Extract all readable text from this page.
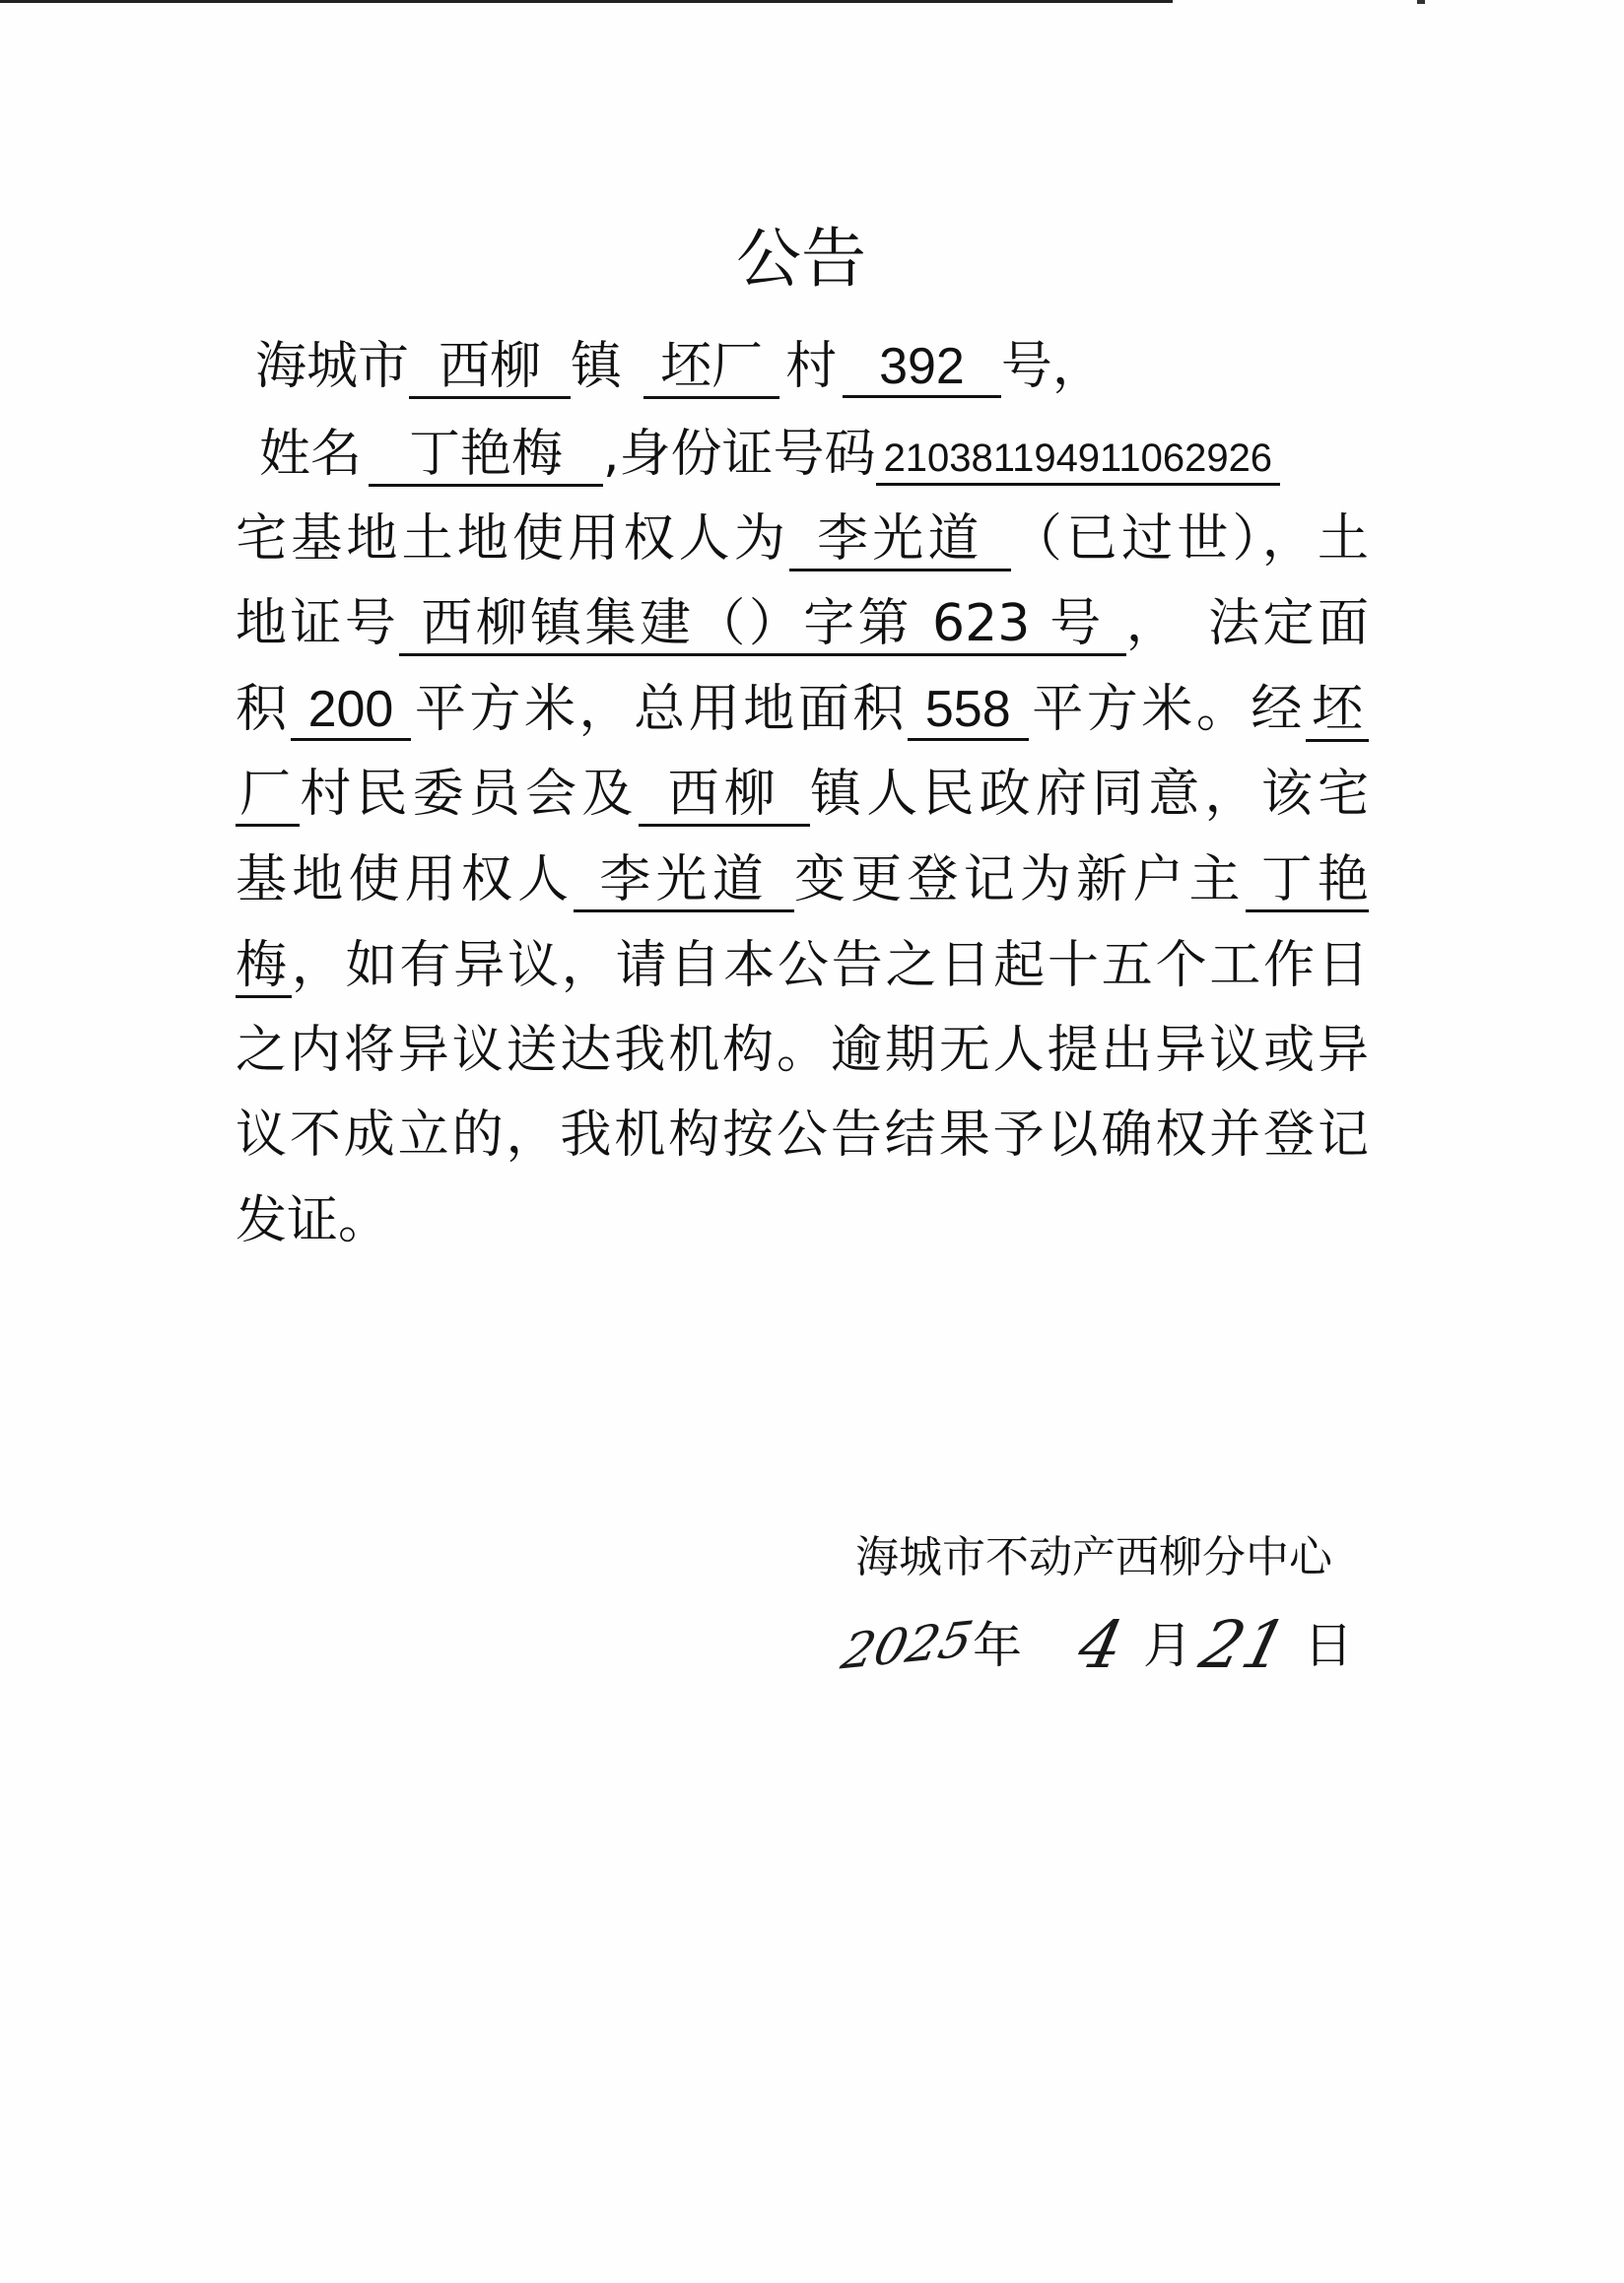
公告
海城市 西柳 镇 坯厂 村 392 号，
姓名 丁艳梅 ,身份证号码 210381194911062926
宅基地土地使用权人为 李光道 （已过世），土
地证号 西柳镇集建（）字第 623 号 ， 法定面
积 200 平方米，总用地面积 558 平方米。经 坯
厂村民委员会及 西柳 镇人民政府同意，该宅
基地使用权人 李光道 变更登记为新户主 丁艳
梅，如有异议，请自本公告之日起十五个工作日
之内将异议送达我机构。逾期无人提出异议或异
议不成立的，我机构按公告结果予以确权并登记
发证。
海城市不动产西柳分中心
2025
年 4 月 21 日
